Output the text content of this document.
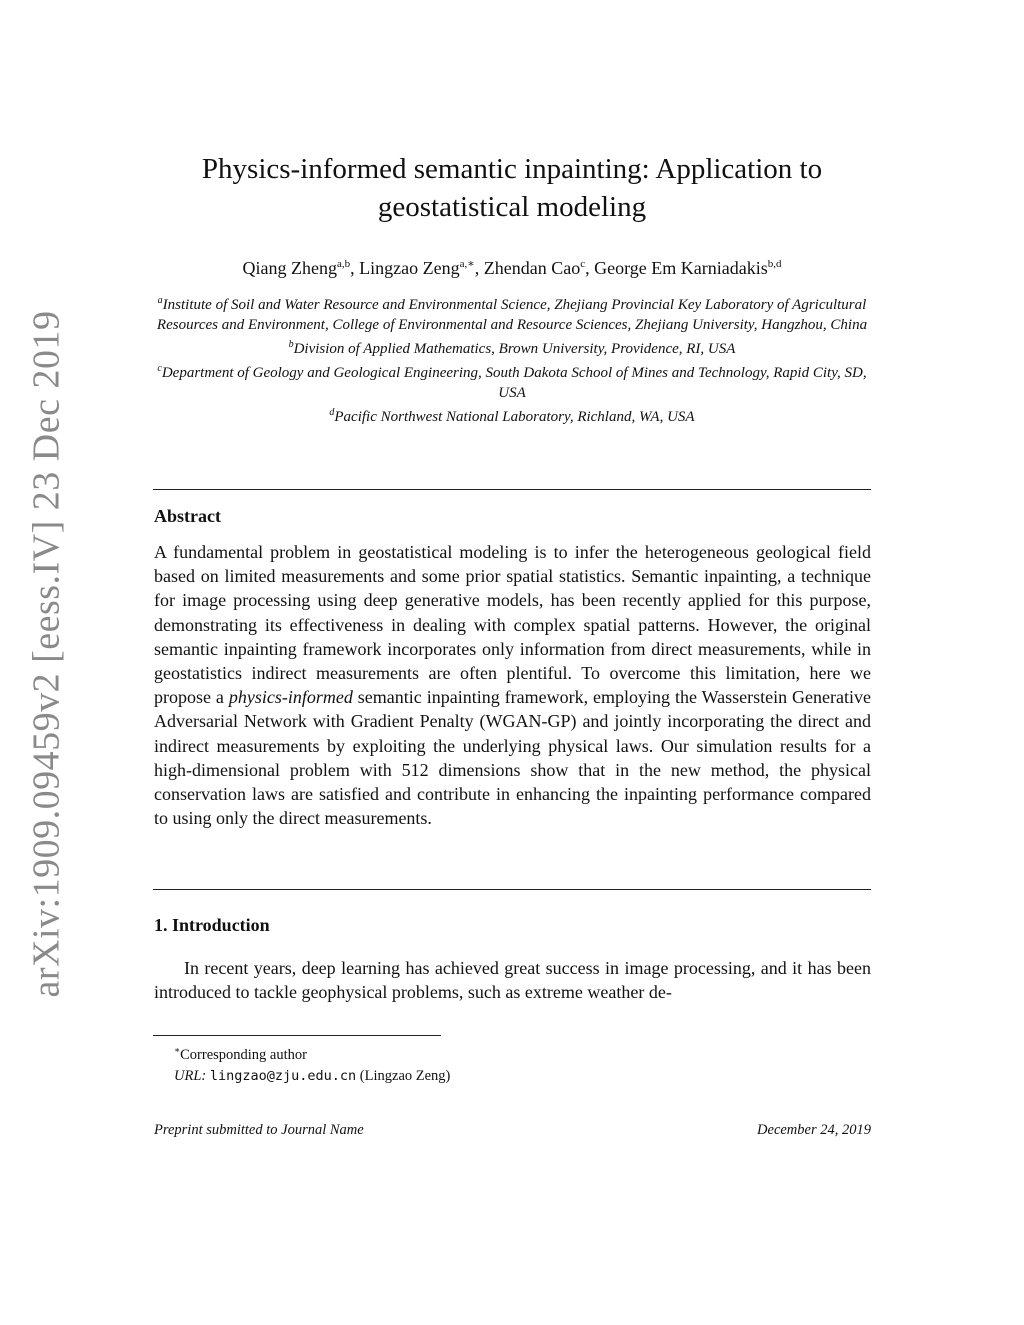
arXiv:1909.09459v2 [eess.IV] 23 Dec 2019
Physics-informed semantic inpainting: Application to geostatistical modeling
Qiang Zheng$^{a,b}$, Lingzao Zeng$^{a,∗}$, Zhendan Cao$^c$, George Em Karniadakis$^{b,d}$
$^a$Institute of Soil and Water Resource and Environmental Science, Zhejiang Provincial Key Laboratory of Agricultural Resources and Environment, College of Environmental and Resource Sciences, Zhejiang University, Hangzhou, China
$^b$Division of Applied Mathematics, Brown University, Providence, RI, USA
$^c$Department of Geology and Geological Engineering, South Dakota School of Mines and Technology, Rapid City, SD, USA
$^d$Pacific Northwest National Laboratory, Richland, WA, USA
Abstract
A fundamental problem in geostatistical modeling is to infer the heterogeneous geological field based on limited measurements and some prior spatial statistics. Semantic inpainting, a technique for image processing using deep generative models, has been recently applied for this purpose, demonstrating its effectiveness in dealing with complex spatial patterns. However, the original semantic inpainting framework incorporates only information from direct measurements, while in geostatistics indirect measurements are often plentiful. To overcome this limitation, here we propose a physics-informed semantic inpainting framework, employing the Wasserstein Generative Adversarial Network with Gradient Penalty (WGAN-GP) and jointly incorporating the direct and indirect measurements by exploiting the underlying physical laws. Our simulation results for a high-dimensional problem with 512 dimensions show that in the new method, the physical conservation laws are satisfied and contribute in enhancing the inpainting performance compared to using only the direct measurements.
1. Introduction
In recent years, deep learning has achieved great success in image processing, and it has been introduced to tackle geophysical problems, such as extreme weather de-
∗Corresponding author
URL: lingzao@zju.edu.cn (Lingzao Zeng)
Preprint submitted to Journal Name	December 24, 2019
